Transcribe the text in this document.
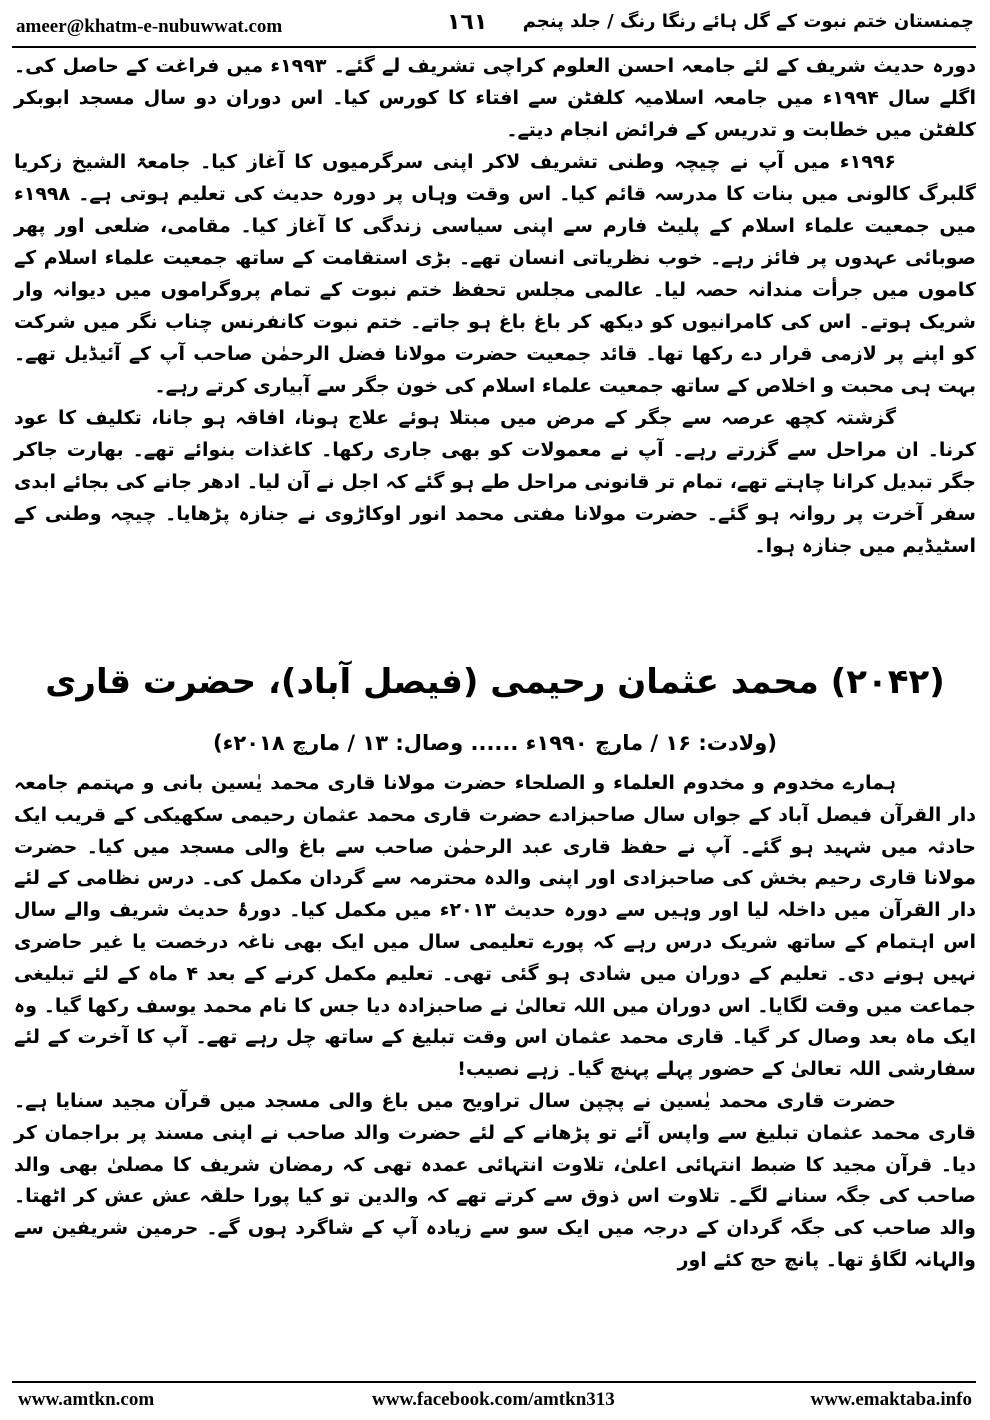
ameer@khatm-e-nubuwwat.com	١٦١ چمنستان ختم نبوت کے گل ہائے رنگا رنگ / جلد پنجم

دورہ حدیث شریف کے لئے جامعہ احسن العلوم کراچی تشریف لے گئے۔ ۱۹۹۳ء میں فراغت کے حاصل کی۔ اگلے سال ۱۹۹۴ء میں جامعہ اسلامیہ کلفٹن سے افتاء کا کورس کیا۔ اس دوران دو سال مسجد ابوبکر کلفٹن میں خطابت و تدریس کے فرائض انجام دیتے۔

۱۹۹۶ء میں آپ نے چیچہ وطنی تشریف لاکر اپنی سرگرمیوں کا آغاز کیا۔ جامعۃ الشیخ زکریا گلبرگ کالونی میں بنات کا مدرسہ قائم کیا۔ اس وقت وہاں پر دورہ حدیث کی تعلیم ہوتی ہے۔ ۱۹۹۸ء میں جمعیت علماء اسلام کے پلیٹ فارم سے اپنی سیاسی زندگی کا آغاز کیا۔ مقامی، ضلعی اور پھر صوبائی عہدوں پر فائز رہے۔ خوب نظریاتی انسان تھے۔ بڑی استقامت کے ساتھ جمعیت علماء اسلام کے کاموں میں جرأت مندانہ حصہ لیا۔ عالمی مجلس تحفظ ختم نبوت کے تمام پروگراموں میں دیوانہ وار شریک ہوتے۔ اس کی کامرانیوں کو دیکھ کر باغ باغ ہو جاتے۔ ختم نبوت کانفرنس چناب نگر میں شرکت کو اپنے پر لازمی قرار دے رکھا تھا۔ قائد جمعیت حضرت مولانا فضل الرحمٰن صاحب آپ کے آئیڈیل تھے۔ بہت ہی محبت و اخلاص کے ساتھ جمعیت علماء اسلام کی خون جگر سے آبیاری کرتے رہے۔

گزشتہ کچھ عرصہ سے جگر کے مرض میں مبتلا ہوئے علاج ہونا، افاقہ ہو جانا، تکلیف کا عود کرنا۔ ان مراحل سے گزرتے رہے۔ آپ نے معمولات کو بھی جاری رکھا۔ کاغذات بنوائے تھے۔ بھارت جاکر جگر تبدیل کرانا چاہتے تھے، تمام تر قانونی مراحل طے ہو گئے کہ اجل نے آن لیا۔ ادھر جانے کی بجائے ابدی سفر آخرت پر روانہ ہو گئے۔ حضرت مولانا مفتی محمد انور اوکاڑوی نے جنازہ پڑھایا۔ چیچہ وطنی کے اسٹیڈیم میں جنازہ ہوا۔

(۲۰۴۲) محمد عثمان رحیمی (فیصل آباد)، حضرت قاری
(ولادت: ۱۶ / مارچ ۱۹۹۰ء ...... وصال: ۱۳ / مارچ ۲۰۱۸ء)

ہمارے مخدوم و مخدوم العلماء و الصلحاء حضرت مولانا قاری محمد یٰسین بانی و مہتمم جامعہ دار القرآن فیصل آباد کے جواں سال صاحبزادے حضرت قاری محمد عثمان رحیمی سکھیکی کے قریب ایک حادثہ میں شہید ہو گئے۔ آپ نے حفظ قاری عبد الرحمٰن صاحب سے باغ والی مسجد میں کیا۔ حضرت مولانا قاری رحیم بخش کی صاحبزادی اور اپنی والدہ محترمہ سے گردان مکمل کی۔ درس نظامی کے لئے دار القرآن میں داخلہ لیا اور وہیں سے دورہ حدیث ۲۰۱۳ء میں مکمل کیا۔ دورۂ حدیث شریف والے سال اس اہتمام کے ساتھ شریک درس رہے کہ پورے تعلیمی سال میں ایک بھی ناغہ درخصت یا غیر حاضری نہیں ہونے دی۔ تعلیم کے دوران میں شادی ہو گئی تھی۔ تعلیم مکمل کرنے کے بعد ۴ ماہ کے لئے تبلیغی جماعت میں وقت لگایا۔ اس دوران میں اللہ تعالیٰ نے صاحبزادہ دیا جس کا نام محمد یوسف رکھا گیا۔ وہ ایک ماہ بعد وصال کر گیا۔ قاری محمد عثمان اس وقت تبلیغ کے ساتھ چل رہے تھے۔ آپ کا آخرت کے لئے سفارشی اللہ تعالیٰ کے حضور پہلے پہنچ گیا۔ زہے نصیب!

حضرت قاری محمد یٰسین نے پچپن سال تراویح میں باغ والی مسجد میں قرآن مجید سنایا ہے۔ قاری محمد عثمان تبلیغ سے واپس آئے تو پڑھانے کے لئے حضرت والد صاحب نے اپنی مسند پر براجمان کر دیا۔ قرآن مجید کا ضبط انتہائی اعلیٰ، تلاوت انتہائی عمدہ تھی کہ رمضان شریف کا مصلیٰ بھی والد صاحب کی جگہ سنانے لگے۔ تلاوت اس ذوق سے کرتے تھے کہ والدین تو کیا پورا حلقہ عش عش کر اٹھتا۔ والد صاحب کی جگہ گردان کے درجہ میں ایک سو سے زیادہ آپ کے شاگرد ہوں گے۔ حرمین شریفین سے والہانہ لگاؤ تھا۔ پانچ حج کئے اور

www.amtkn.com	www.facebook.com/amtkn313	www.emaktaba.info
